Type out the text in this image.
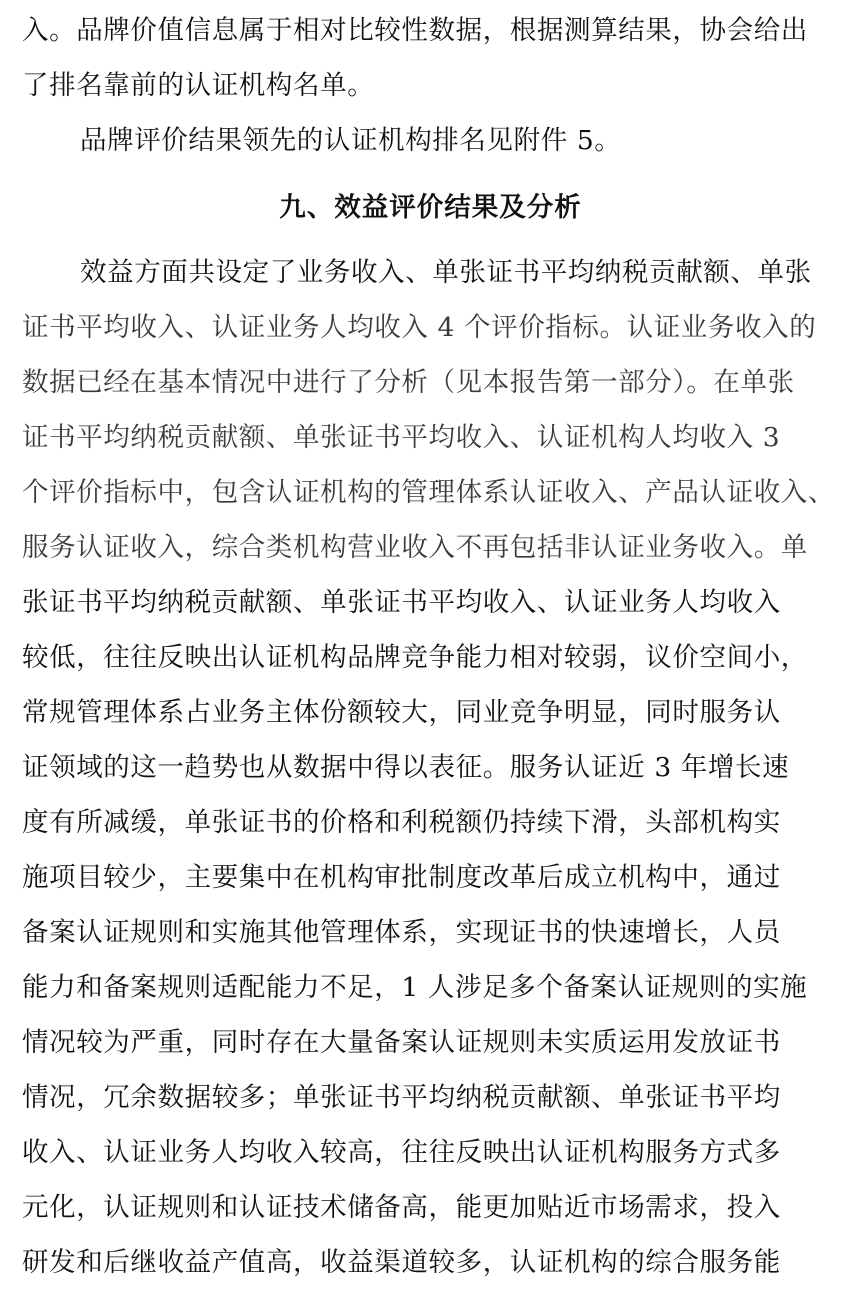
入。品牌价值信息属于相对比较性数据，根据测算结果，协会给出
了排名靠前的认证机构名单。
品牌评价结果领先的认证机构排名见附件 5。
九、效益评价结果及分析
效益方面共设定了业务收入、单张证书平均纳税贡献额、单张
证书平均收入、认证业务人均收入 4 个评价指标。认证业务收入的
数据已经在基本情况中进行了分析（见本报告第一部分）。在单张
证书平均纳税贡献额、单张证书平均收入、认证机构人均收入 3
个评价指标中，包含认证机构的管理体系认证收入、产品认证收入、
服务认证收入，综合类机构营业收入不再包括非认证业务收入。单
张证书平均纳税贡献额、单张证书平均收入、认证业务人均收入
较低，往往反映出认证机构品牌竞争能力相对较弱，议价空间小，
常规管理体系占业务主体份额较大，同业竞争明显，同时服务认
证领域的这一趋势也从数据中得以表征。服务认证近 3 年增长速
度有所减缓，单张证书的价格和利税额仍持续下滑，头部机构实
施项目较少，主要集中在机构审批制度改革后成立机构中，通过
备案认证规则和实施其他管理体系，实现证书的快速增长，人员
能力和备案规则适配能力不足，1 人涉足多个备案认证规则的实施
情况较为严重，同时存在大量备案认证规则未实质运用发放证书
情况，冗余数据较多；单张证书平均纳税贡献额、单张证书平均
收入、认证业务人均收入较高，往往反映出认证机构服务方式多
元化，认证规则和认证技术储备高，能更加贴近市场需求，投入
研发和后继收益产值高，收益渠道较多，认证机构的综合服务能
